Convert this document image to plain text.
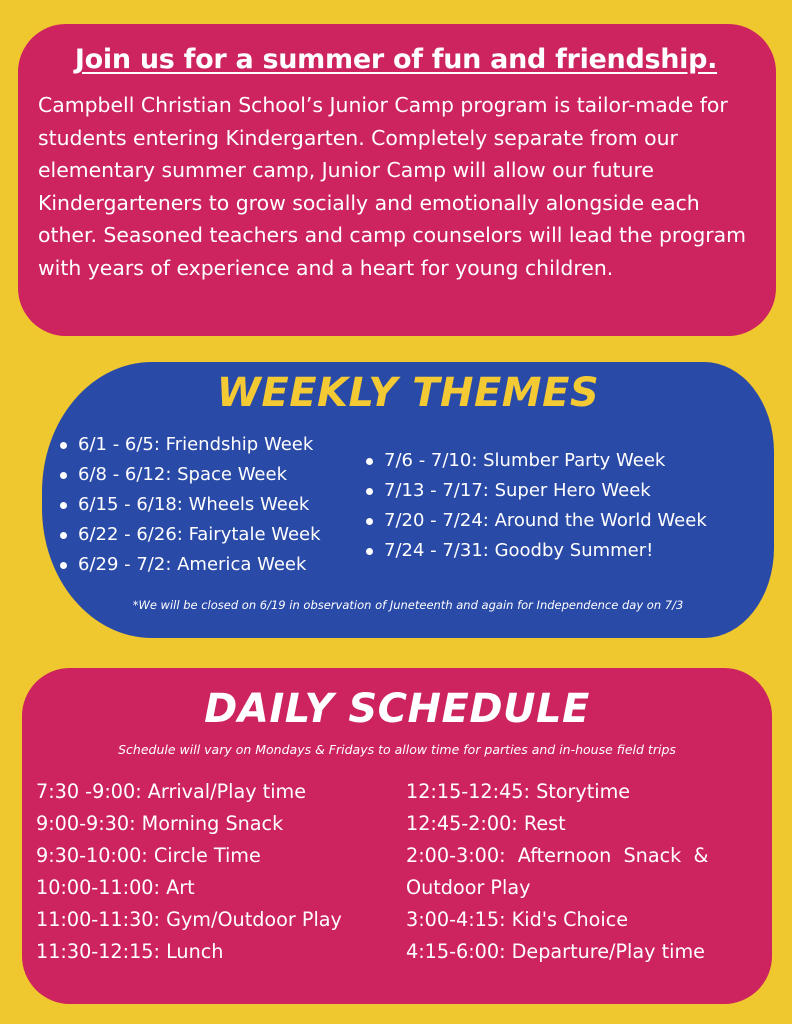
Join us for a summer of fun and friendship.

Campbell Christian School’s Junior Camp program is tailor-made for students entering Kindergarten. Completely separate from our elementary summer camp, Junior Camp will allow our future Kindergarteners to grow socially and emotionally alongside each other. Seasoned teachers and camp counselors will lead the program with years of experience and a heart for young children.

WEEKLY THEMES
6/1 - 6/5: Friendship Week
6/8 - 6/12: Space Week
6/15 - 6/18: Wheels Week
6/22 - 6/26: Fairytale Week
6/29 - 7/2: America Week
7/6 - 7/10: Slumber Party Week
7/13 - 7/17: Super Hero Week
7/20 - 7/24: Around the World Week
7/24 - 7/31: Goodby Summer!

*We will be closed on 6/19 in observation of Juneteenth and again for Independence day on 7/3

DAILY SCHEDULE

Schedule will vary on Mondays & Fridays to allow time for parties and in-house field trips

7:30 -9:00: Arrival/Play time
9:00-9:30: Morning Snack
9:30-10:00: Circle Time
10:00-11:00: Art
11:00-11:30: Gym/Outdoor Play
11:30-12:15: Lunch
12:15-12:45: Storytime
12:45-2:00: Rest
2:00-3:00:  Afternoon  Snack  &
Outdoor Play
3:00-4:15: Kid's Choice
4:15-6:00: Departure/Play time
